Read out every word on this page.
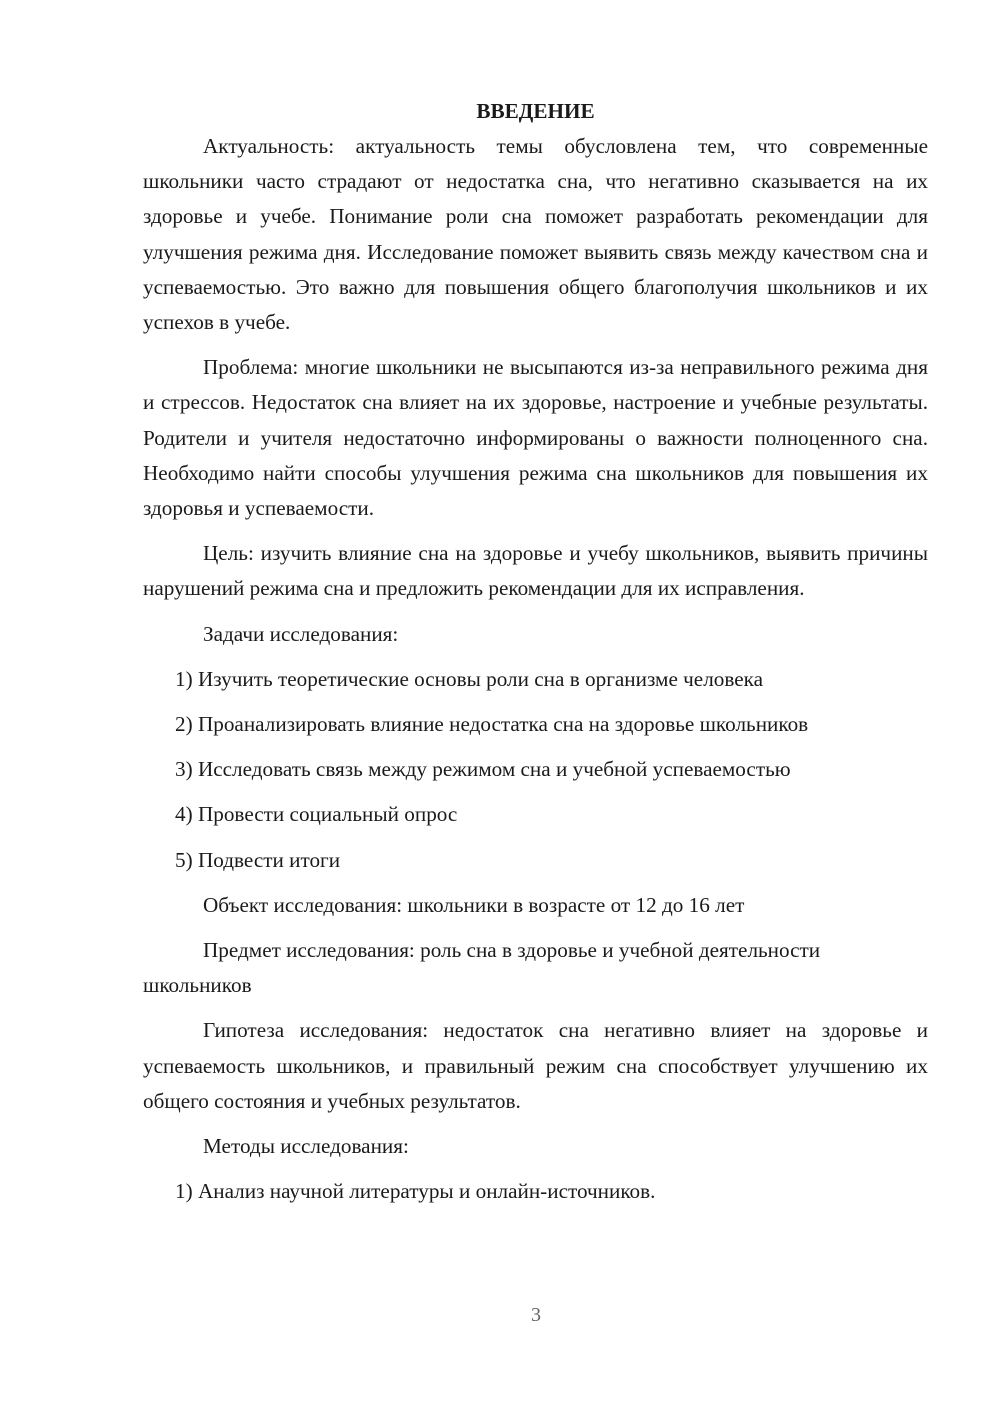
ВВЕДЕНИЕ

Актуальность: актуальность темы обусловлена тем, что современные школьники часто страдают от недостатка сна, что негативно сказывается на их здоровье и учебе. Понимание роли сна поможет разработать рекомендации для улучшения режима дня. Исследование поможет выявить связь между качеством сна и успеваемостью. Это важно для повышения общего благополучия школьников и их успехов в учебе.

Проблема: многие школьники не высыпаются из-за неправильного режима дня и стрессов. Недостаток сна влияет на их здоровье, настроение и учебные результаты. Родители и учителя недостаточно информированы о важности полноценного сна. Необходимо найти способы улучшения режима сна школьников для повышения их здоровья и успеваемости.

Цель: изучить влияние сна на здоровье и учебу школьников, выявить причины нарушений режима сна и предложить рекомендации для их исправления.

Задачи исследования:

1) Изучить теоретические основы роли сна в организме человека

2) Проанализировать влияние недостатка сна на здоровье школьников

3) Исследовать связь между режимом сна и учебной успеваемостью

4) Провести социальный опрос

5) Подвести итоги

Объект исследования: школьники в возрасте от 12 до 16 лет

Предмет исследования: роль сна в здоровье и учебной деятельности школьников

Гипотеза исследования: недостаток сна негативно влияет на здоровье и успеваемость школьников, и правильный режим сна способствует улучшению их общего состояния и учебных результатов.

Методы исследования:

1) Анализ научной литературы и онлайн-источников.

3
